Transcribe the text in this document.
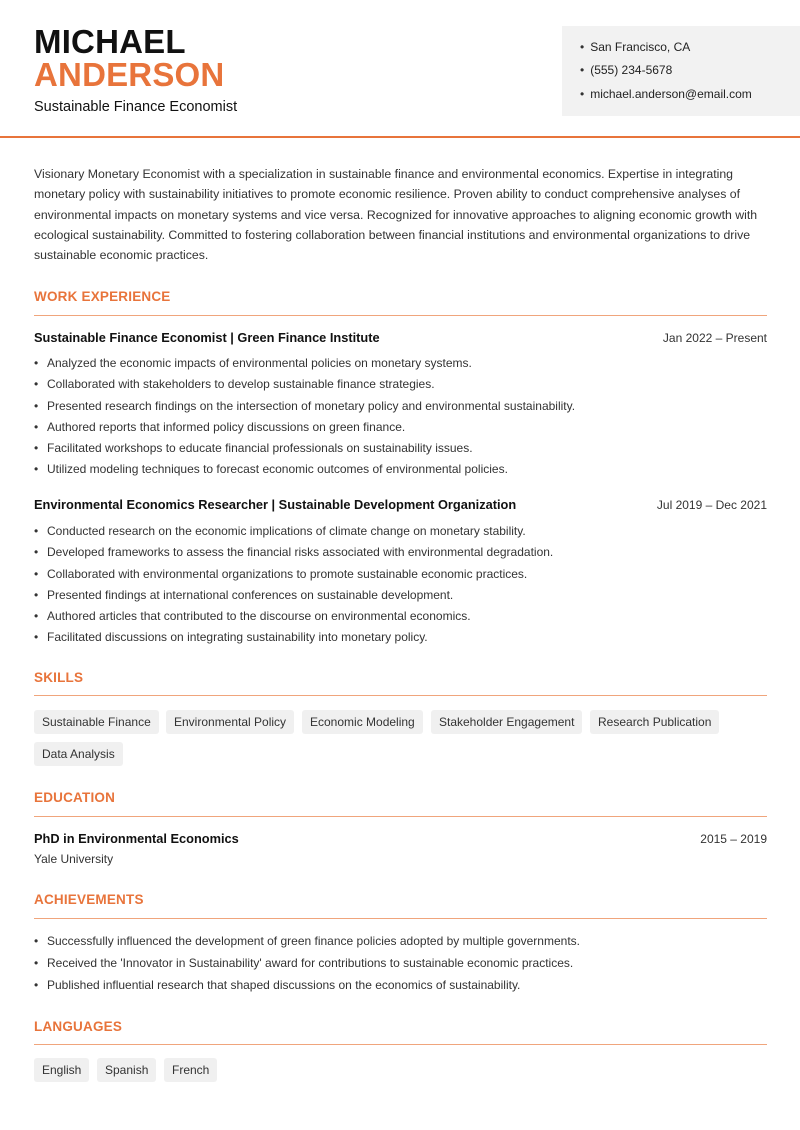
MICHAEL
ANDERSON
Sustainable Finance Economist
• San Francisco, CA
• (555) 234-5678
• michael.anderson@email.com
Visionary Monetary Economist with a specialization in sustainable finance and environmental economics. Expertise in integrating monetary policy with sustainability initiatives to promote economic resilience. Proven ability to conduct comprehensive analyses of environmental impacts on monetary systems and vice versa. Recognized for innovative approaches to aligning economic growth with ecological sustainability. Committed to fostering collaboration between financial institutions and environmental organizations to drive sustainable economic practices.
WORK EXPERIENCE
Sustainable Finance Economist | Green Finance Institute	Jan 2022 – Present
• Analyzed the economic impacts of environmental policies on monetary systems.
• Collaborated with stakeholders to develop sustainable finance strategies.
• Presented research findings on the intersection of monetary policy and environmental sustainability.
• Authored reports that informed policy discussions on green finance.
• Facilitated workshops to educate financial professionals on sustainability issues.
• Utilized modeling techniques to forecast economic outcomes of environmental policies.
Environmental Economics Researcher | Sustainable Development Organization	Jul 2019 – Dec 2021
• Conducted research on the economic implications of climate change on monetary stability.
• Developed frameworks to assess the financial risks associated with environmental degradation.
• Collaborated with environmental organizations to promote sustainable economic practices.
• Presented findings at international conferences on sustainable development.
• Authored articles that contributed to the discourse on environmental economics.
• Facilitated discussions on integrating sustainability into monetary policy.
SKILLS
Sustainable Finance	Environmental Policy	Economic Modeling	Stakeholder Engagement	Research Publication
Data Analysis
EDUCATION
PhD in Environmental Economics	2015 – 2019
Yale University
ACHIEVEMENTS
• Successfully influenced the development of green finance policies adopted by multiple governments.
• Received the 'Innovator in Sustainability' award for contributions to sustainable economic practices.
• Published influential research that shaped discussions on the economics of sustainability.
LANGUAGES
English	Spanish	French
